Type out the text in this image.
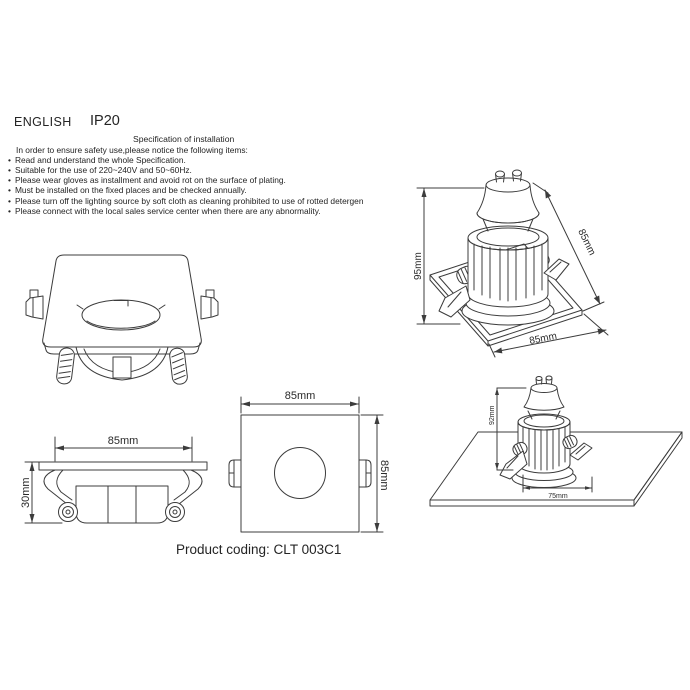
ENGLISH IP20
Specification of installation
In order to ensure safety use,please notice the following items:
• Read and understand the whole Specification.
• Suitable for the use of 220~240V and 50~60Hz.
• Please wear gloves as installment and avoid rot on the surface of plating.
• Must be installed on the fixed places and be checked annually.
• Please turn off the lighting source by soft cloth as cleaning prohibited to use of rotted detergen
• Please connect with the local sales service center when there are any abnormality.
95mm
85mm
85mm
85mm
30mm
85mm
85mm
92mm
75mm
Product coding: CLT 003C1
